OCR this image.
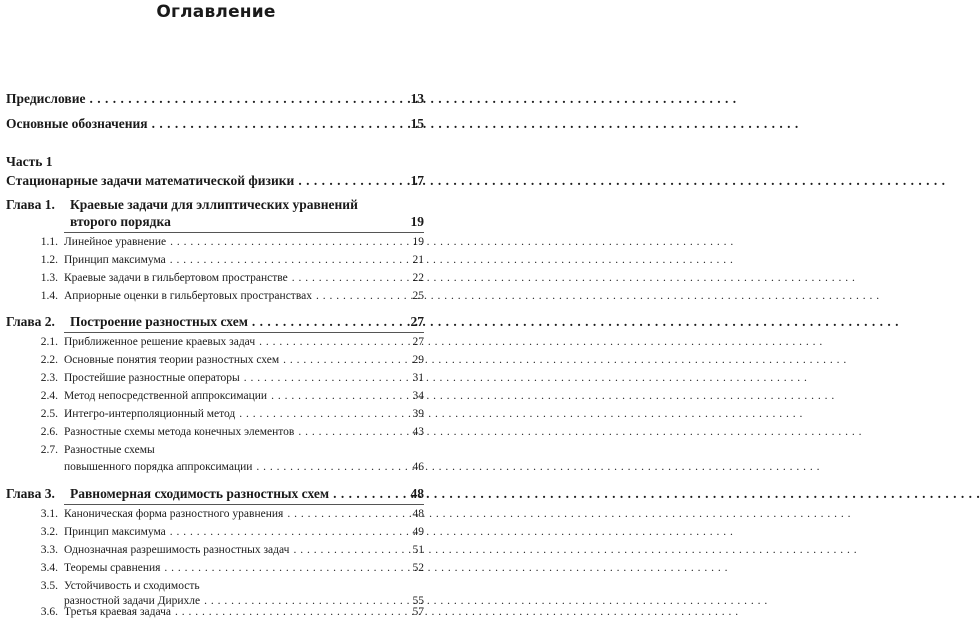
Оглавление
Предисловие . . .	13
Основные обозначения . . .	15
Часть 1
Стационарные задачи математической физики . . .	17
Глава 1. Краевые задачи для эллиптических уравнений
второго порядка	19
1.1. Линейное уравнение . . .	19
1.2. Принцип максимума . . .	21
1.3. Краевые задачи в гильбертовом пространстве . . .	22
1.4. Априорные оценки в гильбертовых пространствах . . .	25
Глава 2. Построение разностных схем . . .	27
2.1. Приближенное решение краевых задач . . .	27
2.2. Основные понятия теории разностных схем . . .	29
2.3. Простейшие разностные операторы . . .	31
2.4. Метод непосредственной аппроксимации . . .	34
2.5. Интегро-интерполяционный метод . . .	39
2.6. Разностные схемы метода конечных элементов . . .	43
2.7. Разностные схемы
повышенного порядка аппроксимации . . .	46
Глава 3. Равномерная сходимость разностных схем . . .	48
3.1. Каноническая форма разностного уравнения . . .	48
3.2. Принцип максимума . . .	49
3.3. Однозначная разрешимость разностных задач . . .	51
3.4. Теоремы сравнения . . .	52
3.5. Устойчивость и сходимость
разностной задачи Дирихле . . .	55
3.6. Третья краевая задача . . .	57
